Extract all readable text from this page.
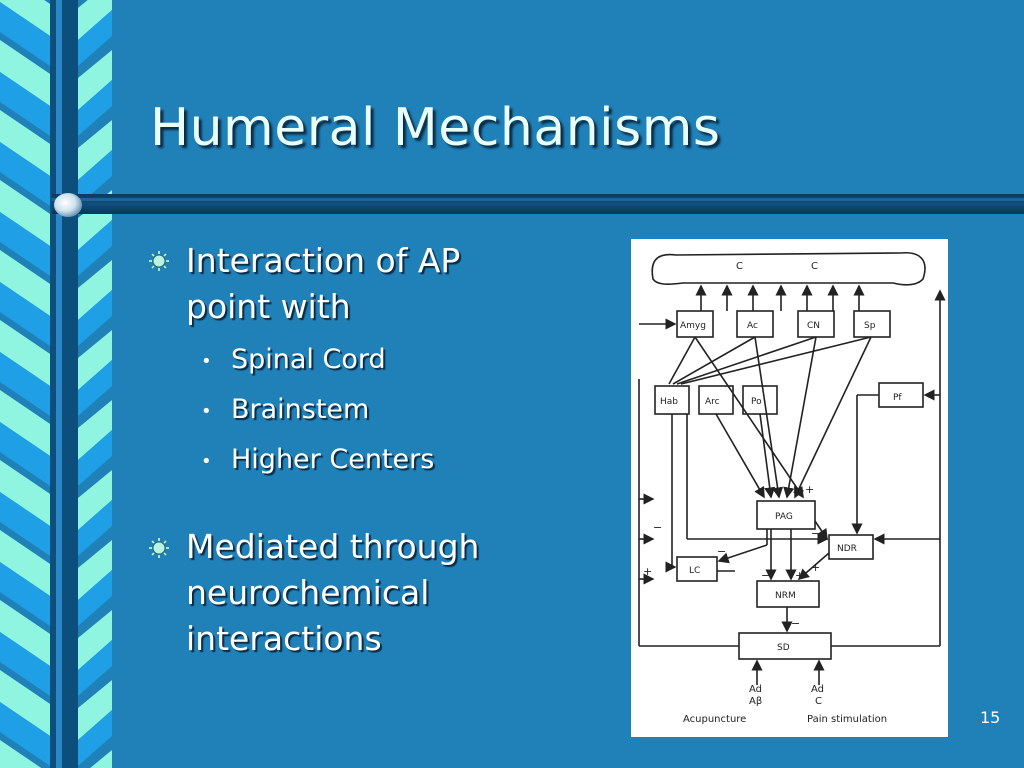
Humeral Mechanisms
Interaction of AP
point with
• Spinal Cord
• Brainstem
• Higher Centers
Mediated through
neurochemical
interactions
C	C
Amyg	Ac	CN	Sp
Hab	Arc	Po	Pf
PAG
NDR
LC
NRM
SD
+
−
−
+
− +
−
+
−
Ad
Aβ
Ad
C
Acupuncture	Pain stimulation	15
